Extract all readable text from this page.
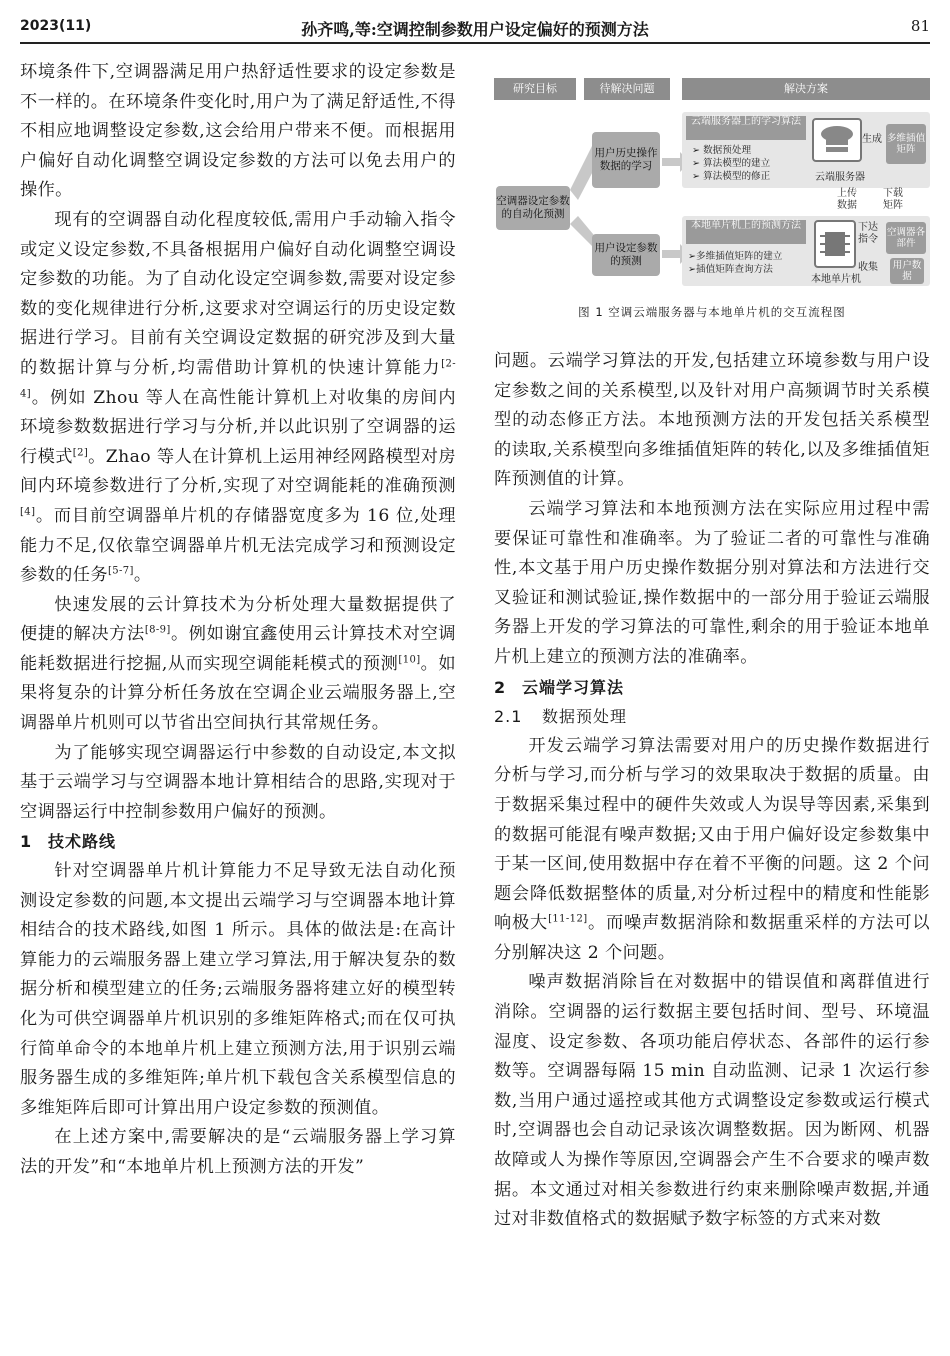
2023(11)	孙齐鸣,等:空调控制参数用户设定偏好的预测方法	81

环境条件下,空调器满足用户热舒适性要求的设定参数是不一样的。在环境条件变化时,用户为了满足舒适性,不得不相应地调整设定参数,这会给用户带来不便。而根据用户偏好自动化调整空调设定参数的方法可以免去用户的操作。

现有的空调器自动化程度较低,需用户手动输入指令或定义设定参数,不具备根据用户偏好自动化调整空调设定参数的功能。为了自动化设定空调参数,需要对设定参数的变化规律进行分析,这要求对空调运行的历史设定数据进行学习。目前有关空调设定数据的研究涉及到大量的数据计算与分析,均需借助计算机的快速计算能力[2-4]。例如 Zhou 等人在高性能计算机上对收集的房间内环境参数数据进行学习与分析,并以此识别了空调器的运行模式[2]。Zhao 等人在计算机上运用神经网路模型对房间内环境参数进行了分析,实现了对空调能耗的准确预测[4]。而目前空调器单片机的存储器宽度多为 16 位,处理能力不足,仅依靠空调器单片机无法完成学习和预测设定参数的任务[5-7]。

快速发展的云计算技术为分析处理大量数据提供了便捷的解决方法[8-9]。例如谢宜鑫使用云计算技术对空调能耗数据进行挖掘,从而实现空调能耗模式的预测[10]。如果将复杂的计算分析任务放在空调企业云端服务器上,空调器单片机则可以节省出空间执行其常规任务。

为了能够实现空调器运行中参数的自动设定,本文拟基于云端学习与空调器本地计算相结合的思路,实现对于空调器运行中控制参数用户偏好的预测。

1 技术路线

针对空调器单片机计算能力不足导致无法自动化预测设定参数的问题,本文提出云端学习与空调器本地计算相结合的技术路线,如图 1 所示。具体的做法是:在高计算能力的云端服务器上建立学习算法,用于解决复杂的数据分析和模型建立的任务;云端服务器将建立好的模型转化为可供空调器单片机识别的多维矩阵格式;而在仅可执行简单命令的本地单片机上建立预测方法,用于识别云端服务器生成的多维矩阵;单片机下载包含关系模型信息的多维矩阵后即可计算出用户设定参数的预测值。

在上述方案中,需要解决的是“云端服务器上学习算法的开发”和“本地单片机上预测方法的开发”

研究目标	待解决问题	解决方案
空调器设定参数的自动化预测
用户历史操作数据的学习
用户设定参数的预测
云端服务器上的学习算法
➢ 数据预处理
➢ 算法模型的建立
➢ 算法模型的修正	云端服务器
生成 多维插值矩阵
上传数据
下载矩阵
本地单片机上的预测方法
➢多维插值矩阵的建立
➢插值矩阵查询方法
本地单片机
下达指令
空调器各部件
收集	用户数据
图 1 空调云端服务器与本地单片机的交互流程图

问题。云端学习算法的开发,包括建立环境参数与用户设定参数之间的关系模型,以及针对用户高频调节时关系模型的动态修正方法。本地预测方法的开发包括关系模型的读取,关系模型向多维插值矩阵的转化,以及多维插值矩阵预测值的计算。

云端学习算法和本地预测方法在实际应用过程中需要保证可靠性和准确率。为了验证二者的可靠性与准确性,本文基于用户历史操作数据分别对算法和方法进行交叉验证和测试验证,操作数据中的一部分用于验证云端服务器上开发的学习算法的可靠性,剩余的用于验证本地单片机上建立的预测方法的准确率。

2 云端学习算法
2.1 数据预处理

开发云端学习算法需要对用户的历史操作数据进行分析与学习,而分析与学习的效果取决于数据的质量。由于数据采集过程中的硬件失效或人为误导等因素,采集到的数据可能混有噪声数据;又由于用户偏好设定参数集中于某一区间,使用数据中存在着不平衡的问题。这 2 个问题会降低数据整体的质量,对分析过程中的精度和性能影响极大[11-12]。而噪声数据消除和数据重采样的方法可以分别解决这 2 个问题。

噪声数据消除旨在对数据中的错误值和离群值进行消除。空调器的运行数据主要包括时间、型号、环境温湿度、设定参数、各项功能启停状态、各部件的运行参数等。空调器每隔 15 min 自动监测、记录 1 次运行参数,当用户通过遥控或其他方式调整设定参数或运行模式时,空调器也会自动记录该次调整数据。因为断网、机器故障或人为操作等原因,空调器会产生不合要求的噪声数据。本文通过对相关参数进行约束来删除噪声数据,并通过对非数值格式的数据赋予数字标签的方式来对数
